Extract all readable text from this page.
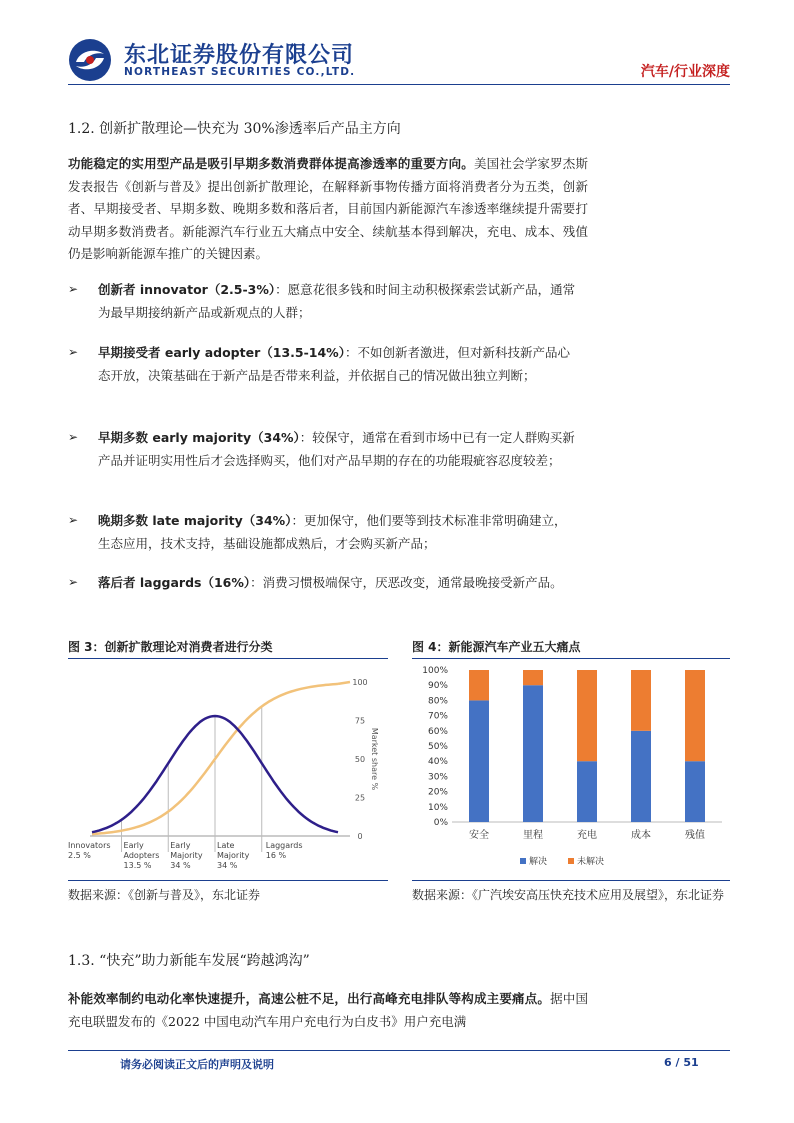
东北证券股份有限公司
NORTHEAST SECURITIES CO.,LTD.	汽车/行业深度
1.2. 创新扩散理论—快充为 30%渗透率后产品主方向
功能稳定的实用型产品是吸引早期多数消费群体提高渗透率的重要方向。美国社会学家罗杰斯发表报告《创新与普及》提出创新扩散理论，在解释新事物传播方面将消费者分为五类，创新者、早期接受者、早期多数、晚期多数和落后者，目前国内新能源汽车渗透率继续提升需要打动早期多数消费者。新能源汽车行业五大痛点中安全、续航基本得到解决，充电、成本、残值仍是影响新能源车推广的关键因素。
➢ 创新者 innovator（2.5-3%）：愿意花很多钱和时间主动积极探索尝试新产品，通常为最早期接纳新产品或新观点的人群；
➢ 早期接受者 early adopter（13.5-14%）：不如创新者激进，但对新科技新产品心态开放，决策基础在于新产品是否带来利益，并依据自己的情况做出独立判断；
➢ 早期多数 early majority（34%）：较保守，通常在看到市场中已有一定人群购买新产品并证明实用性后才会选择购买，他们对产品早期的存在的功能瑕疵容忍度较差；
➢ 晚期多数 late majority（34%）：更加保守，他们要等到技术标准非常明确建立，生态应用，技术支持，基础设施都成熟后，才会购买新产品；
➢ 落后者 laggards（16%）：消费习惯极端保守，厌恶改变，通常最晚接受新产品。
图 3：创新扩散理论对消费者进行分类
0
25
50
75
100
Market share %
Innovators
2.5 %
Early
Adopters
13.5 %
Early
Majority
34 %
Late
Majority
34 %
Laggards
16 %
数据来源：《创新与普及》，东北证券
图 4：新能源汽车产业五大痛点
0%
10%
20%
30%
40%
50%
60%
70%
80%
90%
100%
安全	里程	充电	成本	残值
解决	未解决
数据来源：《广汽埃安高压快充技术应用及展望》，东北证券
1.3. “快充”助力新能车发展“跨越鸿沟”
补能效率制约电动化率快速提升，高速公桩不足，出行高峰充电排队等构成主要痛点。据中国充电联盟发布的《2022 中国电动汽车用户充电行为白皮书》用户充电满
请务必阅读正文后的声明及说明	6 / 51
